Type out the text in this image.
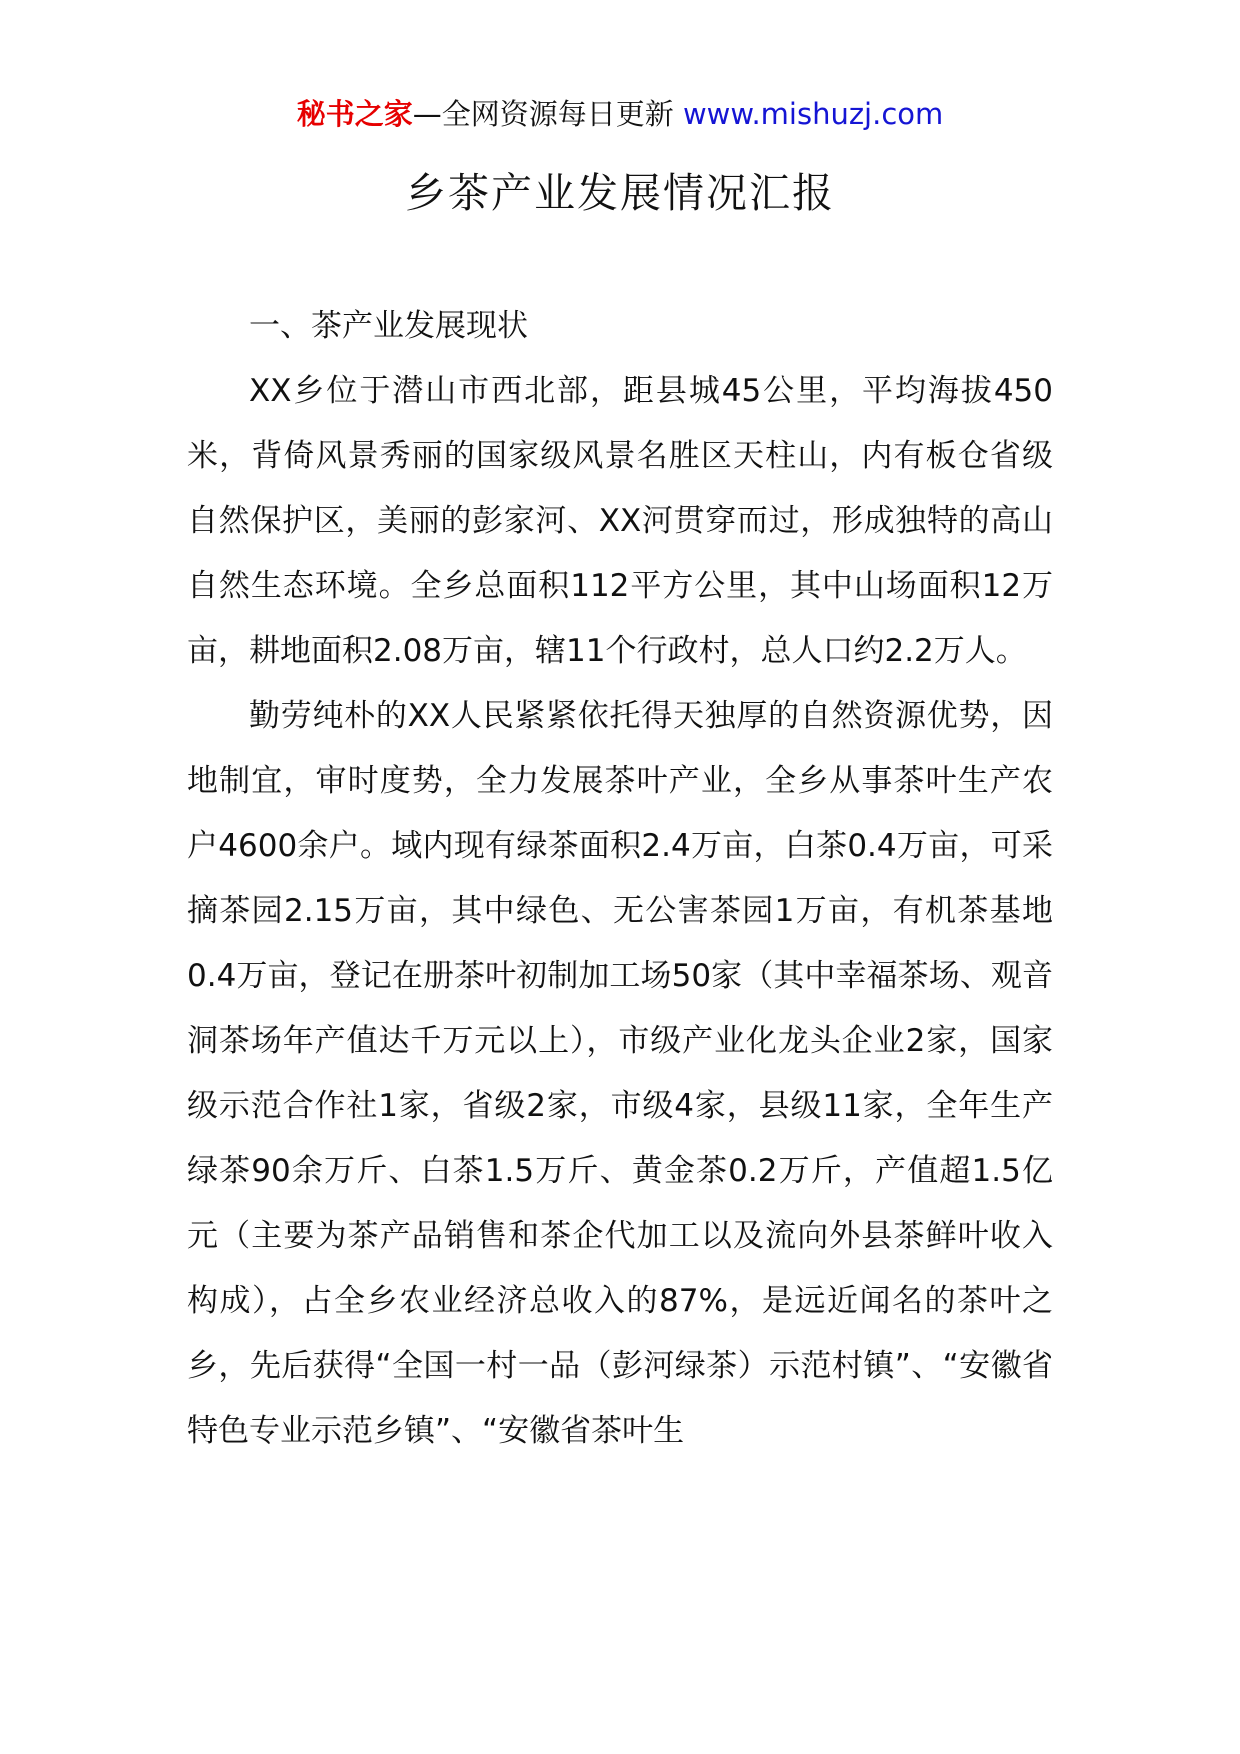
秘书之家—全网资源每日更新 www.mishuzj.com
乡茶产业发展情况汇报
一、茶产业发展现状

XX乡位于潜山市西北部，距县城45公里，平均海拔450米，背倚风景秀丽的国家级风景名胜区天柱山，内有板仓省级自然保护区，美丽的彭家河、XX河贯穿而过，形成独特的高山自然生态环境。全乡总面积112平方公里，其中山场面积12万亩，耕地面积2.08万亩，辖11个行政村，总人口约2.2万人。

勤劳纯朴的XX人民紧紧依托得天独厚的自然资源优势，因地制宜，审时度势，全力发展茶叶产业，全乡从事茶叶生产农户4600余户。域内现有绿茶面积2.4万亩，白茶0.4万亩，可采摘茶园2.15万亩，其中绿色、无公害茶园1万亩，有机茶基地0.4万亩，登记在册茶叶初制加工场50家（其中幸福茶场、观音洞茶场年产值达千万元以上），市级产业化龙头企业2家，国家级示范合作社1家，省级2家，市级4家，县级11家，全年生产绿茶90余万斤、白茶1.5万斤、黄金茶0.2万斤，产值超1.5亿元（主要为茶产品销售和茶企代加工以及流向外县茶鲜叶收入构成），占全乡农业经济总收入的87%，是远近闻名的茶叶之乡，先后获得“全国一村一品（彭河绿茶）示范村镇”、“安徽省特色专业示范乡镇”、“安徽省茶叶生
